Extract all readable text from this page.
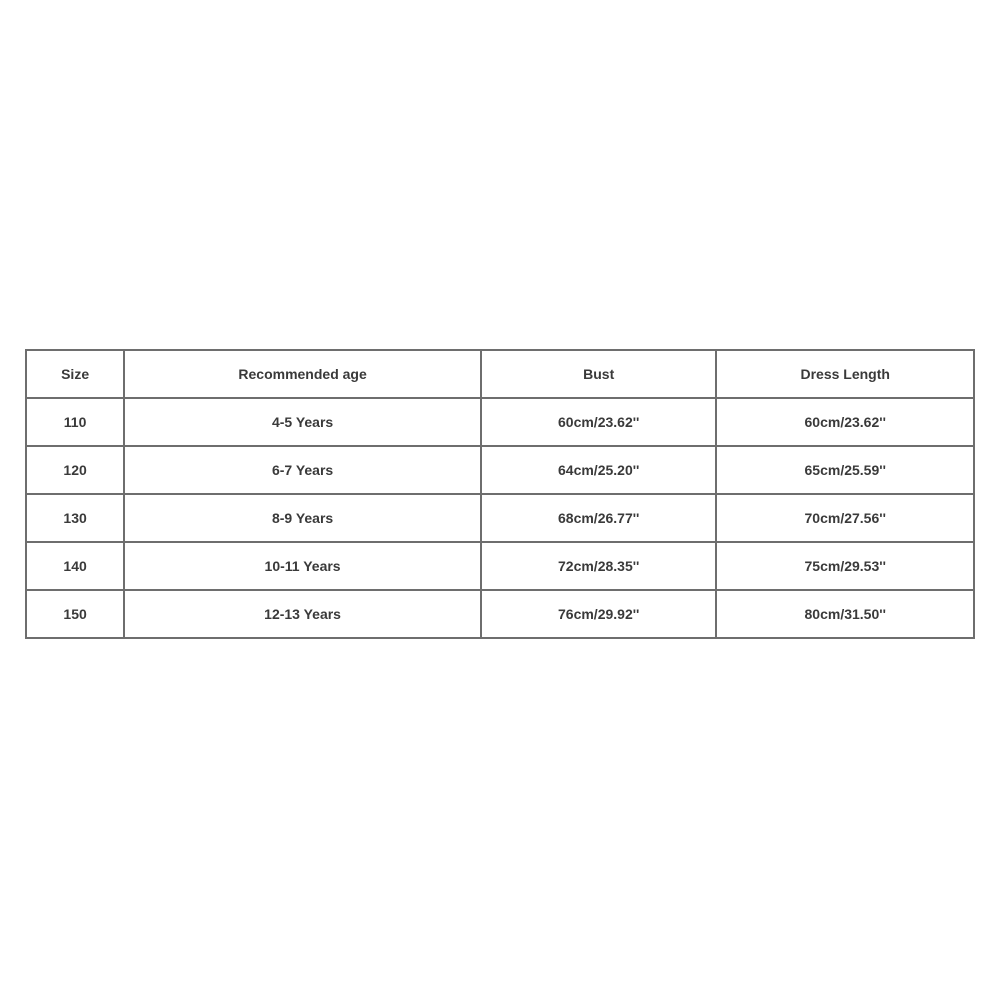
Size	Recommended age	Bust	Dress Length
110	4-5 Years	60cm/23.62''	60cm/23.62''
120	6-7 Years	64cm/25.20''	65cm/25.59''
130	8-9 Years	68cm/26.77''	70cm/27.56''
140	10-11 Years	72cm/28.35''	75cm/29.53''
150	12-13 Years	76cm/29.92''	80cm/31.50''
